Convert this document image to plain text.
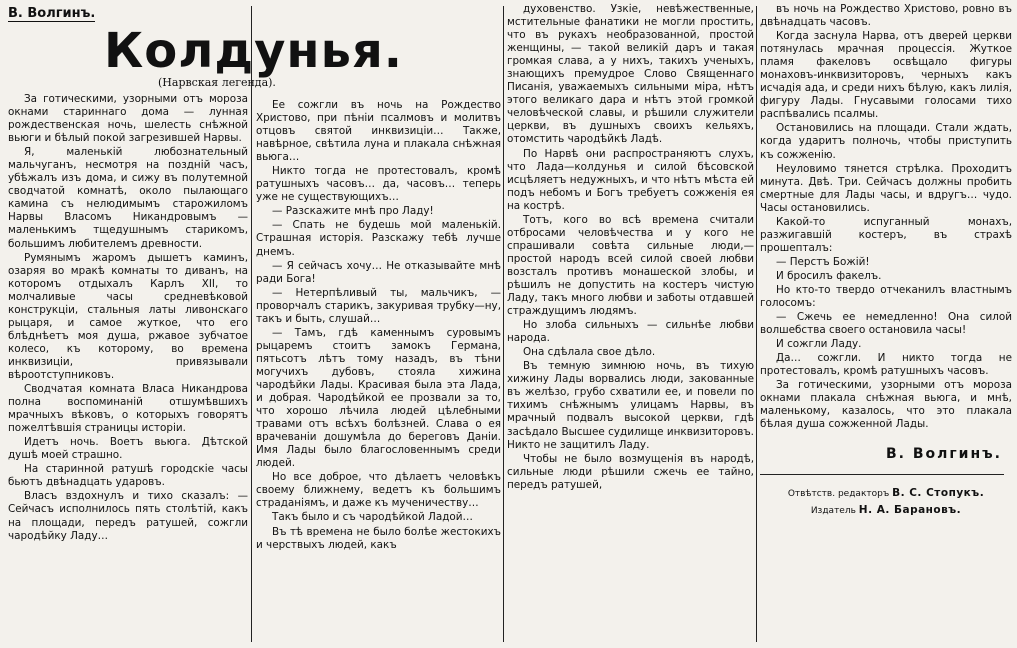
В. Волгинъ.
Колдунья.
(Нарвская легенда).

За готическими, узорными отъ мороза окнами стариннаго дома — лунная рождественская ночь, шелесть снѣжной вьюги и бѣлый покой загрезившей Нарвы.

Я, маленькій любознательный мальчуганъ, несмотря на поздній часъ, убѣжалъ изъ дома, и сижу въ полутемной сводчатой комнатѣ, около пылающаго камина съ нелюдимымъ старожиломъ Нарвы Власомъ Никандровымъ — маленькимъ тщедушнымъ старикомъ, большимъ любителемъ древности.

Румянымъ жаромъ дышетъ каминъ, озаряя во мракѣ комнаты то диванъ, на которомъ отдыхалъ Карлъ XII, то молчаливые часы средневѣковой конструкціи, стальныя латы ливонскаго рыцаря, и самое жуткое, что его блѣднѣетъ моя душа, ржавое зубчатое колесо, къ которому, во времена инквизиціи, привязывали вѣроотступниковъ.

Сводчатая комната Власа Никандрова полна воспоминаній отшумѣвшихъ мрачныхъ вѣковъ, о которыхъ говорятъ пожелтѣвшія страницы исторіи.

Идетъ ночь. Воетъ вьюга. Дѣтской душѣ моей страшно.

На старинной ратушѣ городскіе часы бьютъ двѣнадцать ударовъ.

Власъ вздохнулъ и тихо сказалъ: — Сейчасъ исполнилось пять столѣтій, какъ на площади, передъ ратушей, сожгли чародѣйку Ладу…

Ее сожгли въ ночь на Рождество Христово, при пѣніи псалмовъ и молитвъ отцовъ святой инквизиціи… Также, навѣрное, свѣтила луна и плакала снѣжная вьюга…

Никто тогда не протестовалъ, кромѣ ратушныхъ часовъ… да, часовъ… теперь уже не существующихъ…

— Разскажите мнѣ про Ладу!

— Спать не будешь мой маленькій. Страшная исторія. Разскажу тебѣ лучше днемъ.

— Я сейчасъ хочу… Не отказывайте мнѣ ради Бога!

— Нетерпѣливый ты, мальчикъ, — проворчалъ старикъ, закуривая трубку—ну, такъ и быть, слушай…

— Тамъ, гдѣ каменнымъ суровымъ рыцаремъ стоитъ замокъ Германа, пятьсотъ лѣтъ тому назадъ, въ тѣни могучихъ дубовъ, стояла хижина чародѣйки Лады. Красивая была эта Лада, и добрая. Чародѣйкой ее прозвали за то, что хорошо лѣчила людей цѣлебными травами отъ всѣхъ болѣзней. Слава о ея врачеваніи дошумѣла до береговъ Даніи. Имя Лады было благословеннымъ среди людей.

Но все доброе, что дѣлаетъ человѣкъ своему ближнему, ведетъ къ большимъ страданіямъ, и даже къ мученичеству…

Такъ было и съ чародѣйкой Ладой…

Въ тѣ времена не было болѣе жестокихъ и черствыхъ людей, какъ

духовенство. Узкіе, невѣжественные, мстительные фанатики не могли простить, что въ рукахъ необразованной, простой женщины, — такой великій даръ и такая громкая слава, а у нихъ, такихъ ученыхъ, знающихъ премудрое Слово Священнаго Писанія, уважаемыхъ сильными міра, нѣтъ этого великаго дара и нѣтъ этой громкой человѣческой славы, и рѣшили служители церкви, въ душныхъ своихъ кельяхъ, отомстить чародѣйкѣ Ладѣ.

По Нарвѣ они распространяютъ слухъ, что Лада—колдунья и силой бѣсовской исцѣляетъ недужныхъ, и что нѣтъ мѣста ей подъ небомъ и Богъ требуетъ сожженія ея на кострѣ.

Тотъ, кого во всѣ времена считали отбросами человѣчества и у кого не спрашивали совѣта сильные люди,—простой народъ всей силой своей любви возсталъ противъ монашеской злобы, и рѣшилъ не допустить на костеръ чистую Ладу, такъ много любви и заботы отдавшей страждущимъ людямъ.

Но злоба сильныхъ — сильнѣе любви народа.

Она сдѣлала свое дѣло.

Въ темную зимнюю ночь, въ тихую хижину Лады ворвались люди, закованные въ желѣзо, грубо схватили ее, и повели по тихимъ снѣжнымъ улицамъ Нарвы, въ мрачный подвалъ высокой церкви, гдѣ засѣдало Высшее судилище инквизиторовъ. Никто не защитилъ Ладу.

Чтобы не было возмущенія въ народѣ, сильные люди рѣшили сжечь ее тайно, передъ ратушей,

въ ночь на Рождество Христово, ровно въ двѣнадцать часовъ.

Когда заснула Нарва, отъ дверей церкви потянулась мрачная процессія. Жуткое пламя факеловъ освѣщало фигуры монаховъ-инквизиторовъ, черныхъ какъ исчадія ада, и среди нихъ бѣлую, какъ лилія, фигуру Лады. Гнусавыми голосами тихо распѣвались псалмы.

Остановились на площади. Стали ждать, когда ударитъ полночь, чтобы приступить къ сожженію.

Неуловимо тянется стрѣлка. Проходитъ минута. Двѣ. Три. Сейчасъ должны пробить смертные для Лады часы, и вдругъ… чудо. Часы остановились.

Какой-то испуганный монахъ, разжигавшій костеръ, въ страхѣ прошепталъ:

— Перстъ Божій!

И бросилъ факелъ.

Но кто-то твердо отчеканилъ властнымъ голосомъ:

— Сжечь ее немедленно! Она силой волшебства своего остановила часы!

И сожгли Ладу.

Да… сожгли. И никто тогда не протестовалъ, кромѣ ратушныхъ часовъ.

За готическими, узорными отъ мороза окнами плакала снѣжная вьюга, и мнѣ, маленькому, казалось, что это плакала бѣлая душа сожженной Лады.

В. Волгинъ.
Отвѣтств. редакторъ В. С. Стопукъ.
Издатель Н. А. Барановъ.
